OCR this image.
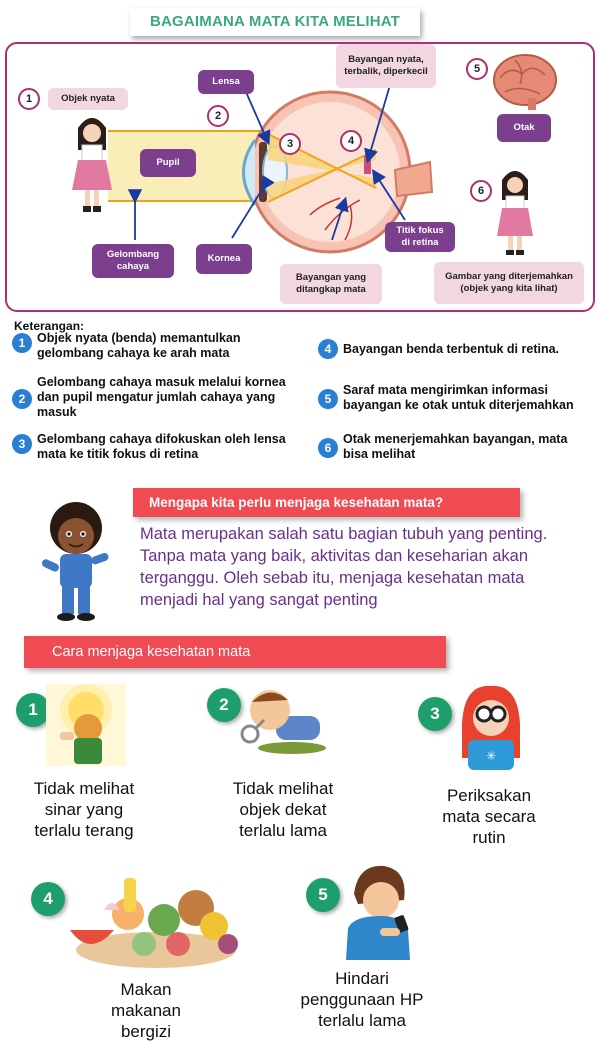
BAGAIMANA MATA KITA MELIHAT
1
2
3	4
5
6
Objek nyata
Lensa
Pupil
Gelombang cahaya
Kornea
Bayangan nyata, terbalik, diperkecil
Titik fokus di retina
Bayangan yang ditangkap mata
Otak
Gambar yang diterjemahkan (objek yang kita lihat)
Keterangan:
1 Objek nyata (benda) memantulkan gelombang cahaya ke arah mata
2
Gelombang cahaya masuk melalui kornea dan pupil mengatur jumlah cahaya yang masuk
3 Gelombang cahaya difokuskan oleh lensa mata ke titik fokus di retina
4 Bayangan benda terbentuk di retina.
5
Saraf mata mengirimkan informasi bayangan ke otak untuk diterjemahkan
6
Otak menerjemahkan bayangan, mata bisa melihat
Mengapa kita perlu menjaga kesehatan mata?
Mata merupakan salah satu bagian tubuh yang penting. Tanpa mata yang baik, aktivitas dan keseharian akan terganggu. Oleh sebab itu, menjaga kesehatan mata menjadi hal yang sangat penting
Cara menjaga kesehatan mata
1
Tidak melihat sinar yang terlalu terang
2
Tidak melihat objek dekat terlalu lama
3
✳
Periksakan mata secara rutin
4
Makan makanan bergizi
5
Hindari penggunaan HP terlalu lama
